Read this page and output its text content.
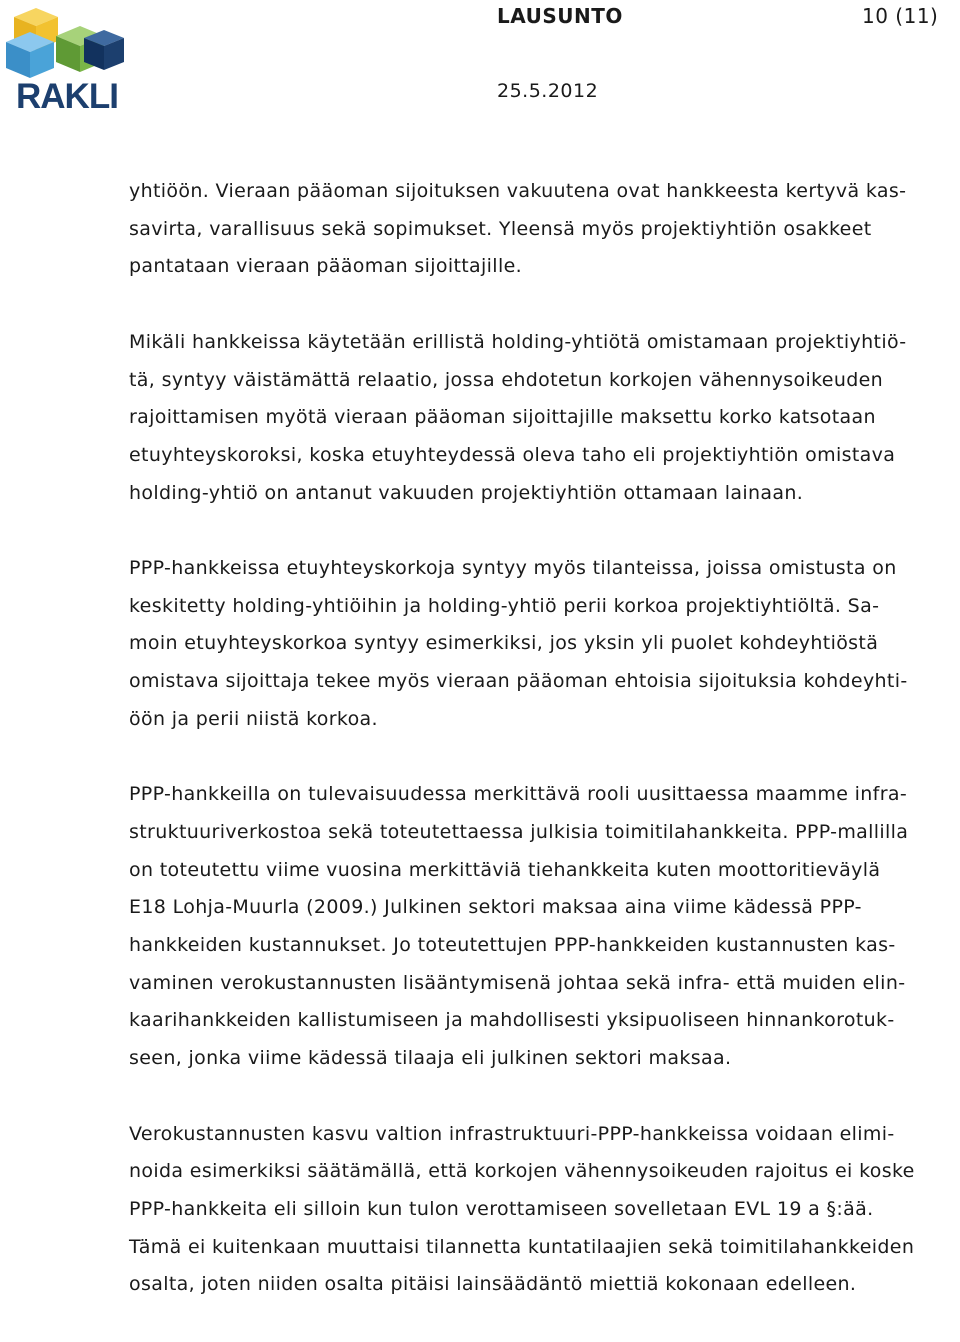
RAKLI
LAUSUNTO	10 (11)
25.5.2012

yhtiöön. Vieraan pääoman sijoituksen vakuutena ovat hankkeesta kertyvä kas-
savirta, varallisuus sekä sopimukset. Yleensä myös projektiyhtiön osakkeet
pantataan vieraan pääoman sijoittajille.

Mikäli hankkeissa käytetään erillistä holding-yhtiötä omistamaan projektiyhtiö-
tä, syntyy väistämättä relaatio, jossa ehdotetun korkojen vähennysoikeuden
rajoittamisen myötä vieraan pääoman sijoittajille maksettu korko katsotaan
etuyhteyskoroksi, koska etuyhteydessä oleva taho eli projektiyhtiön omistava
holding-yhtiö on antanut vakuuden projektiyhtiön ottamaan lainaan.

PPP-hankkeissa etuyhteyskorkoja syntyy myös tilanteissa, joissa omistusta on
keskitetty holding-yhtiöihin ja holding-yhtiö perii korkoa projektiyhtiöltä. Sa-
moin etuyhteyskorkoa syntyy esimerkiksi, jos yksin yli puolet kohdeyhtiöstä
omistava sijoittaja tekee myös vieraan pääoman ehtoisia sijoituksia kohdeyhti-
öön ja perii niistä korkoa.

PPP-hankkeilla on tulevaisuudessa merkittävä rooli uusittaessa maamme infra-
struktuuriverkostoa sekä toteutettaessa julkisia toimitilahankkeita. PPP-mallilla
on toteutettu viime vuosina merkittäviä tiehankkeita kuten moottoritieväylä
E18 Lohja-Muurla (2009.) Julkinen sektori maksaa aina viime kädessä PPP-
hankkeiden kustannukset. Jo toteutettujen PPP-hankkeiden kustannusten kas-
vaminen verokustannusten lisääntymisenä johtaa sekä infra- että muiden elin-
kaarihankkeiden kallistumiseen ja mahdollisesti yksipuoliseen hinnankorotuk-
seen, jonka viime kädessä tilaaja eli julkinen sektori maksaa.

Verokustannusten kasvu valtion infrastruktuuri-PPP-hankkeissa voidaan elimi-
noida esimerkiksi säätämällä, että korkojen vähennysoikeuden rajoitus ei koske
PPP-hankkeita eli silloin kun tulon verottamiseen sovelletaan EVL 19 a §:ää.
Tämä ei kuitenkaan muuttaisi tilannetta kuntatilaajien sekä toimitilahankkeiden
osalta, joten niiden osalta pitäisi lainsäädäntö miettiä kokonaan edelleen.
